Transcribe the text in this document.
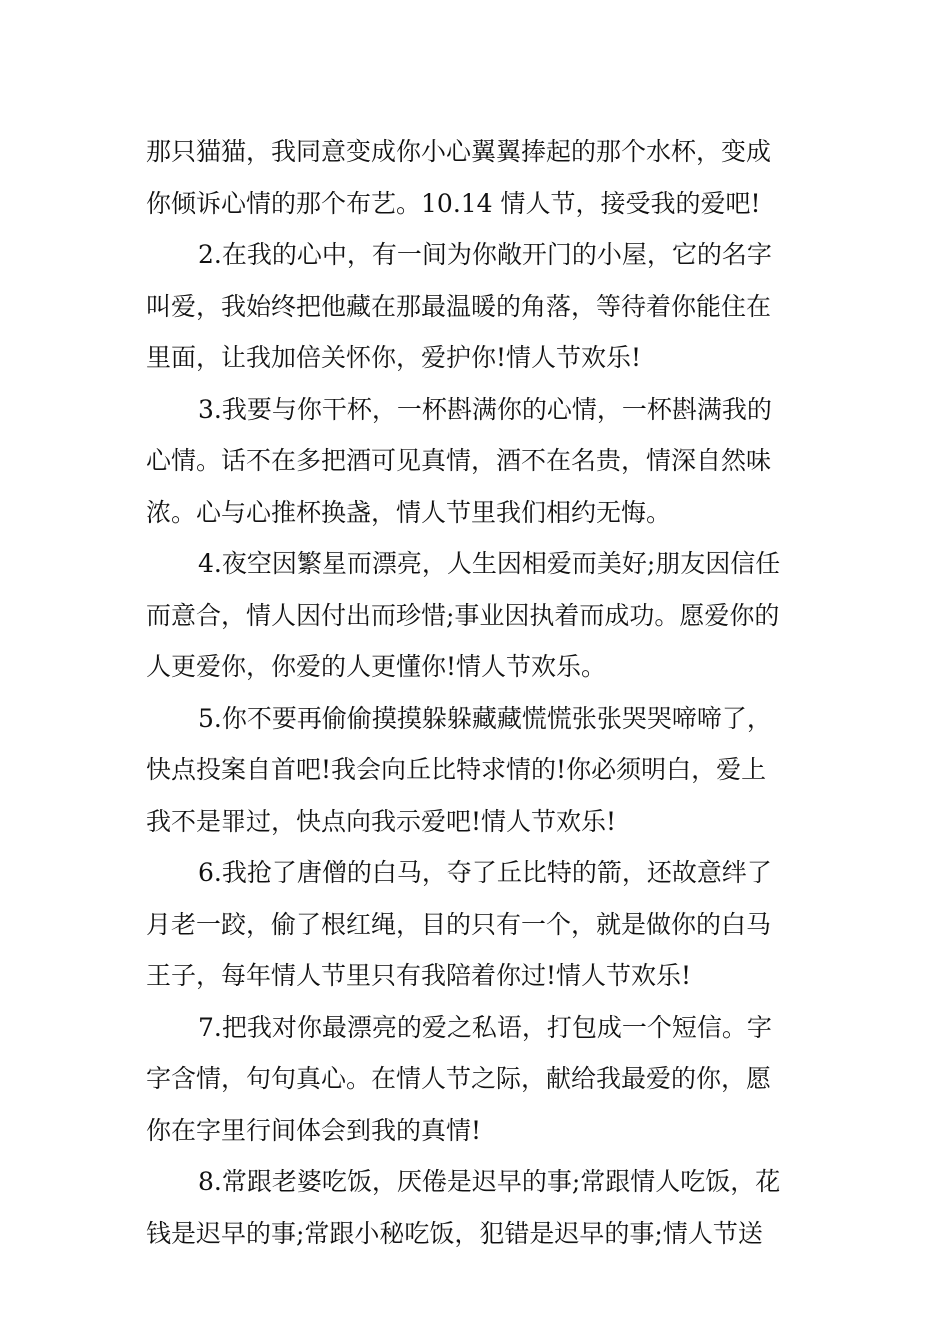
那只猫猫，我同意变成你小心翼翼捧起的那个水杯，变成
你倾诉心情的那个布艺。10.14 情人节，接受我的爱吧!
2.在我的心中，有一间为你敞开门的小屋，它的名字
叫爱，我始终把他藏在那最温暖的角落，等待着你能住在
里面，让我加倍关怀你，爱护你!情人节欢乐!
3.我要与你干杯，一杯斟满你的心情，一杯斟满我的
心情。话不在多把酒可见真情，酒不在名贵，情深自然味
浓。心与心推杯换盏，情人节里我们相约无悔。
4.夜空因繁星而漂亮，人生因相爱而美好;朋友因信任
而意合，情人因付出而珍惜;事业因执着而成功。愿爱你的
人更爱你，你爱的人更懂你!情人节欢乐。
5.你不要再偷偷摸摸躲躲藏藏慌慌张张哭哭啼啼了，
快点投案自首吧!我会向丘比特求情的!你必须明白，爱上
我不是罪过，快点向我示爱吧!情人节欢乐!
6.我抢了唐僧的白马，夺了丘比特的箭，还故意绊了
月老一跤，偷了根红绳，目的只有一个，就是做你的白马
王子，每年情人节里只有我陪着你过!情人节欢乐!
7.把我对你最漂亮的爱之私语，打包成一个短信。字
字含情，句句真心。在情人节之际，献给我最爱的你，愿
你在字里行间体会到我的真情!
8.常跟老婆吃饭，厌倦是迟早的事;常跟情人吃饭，花
钱是迟早的事;常跟小秘吃饭，犯错是迟早的事;情人节送
